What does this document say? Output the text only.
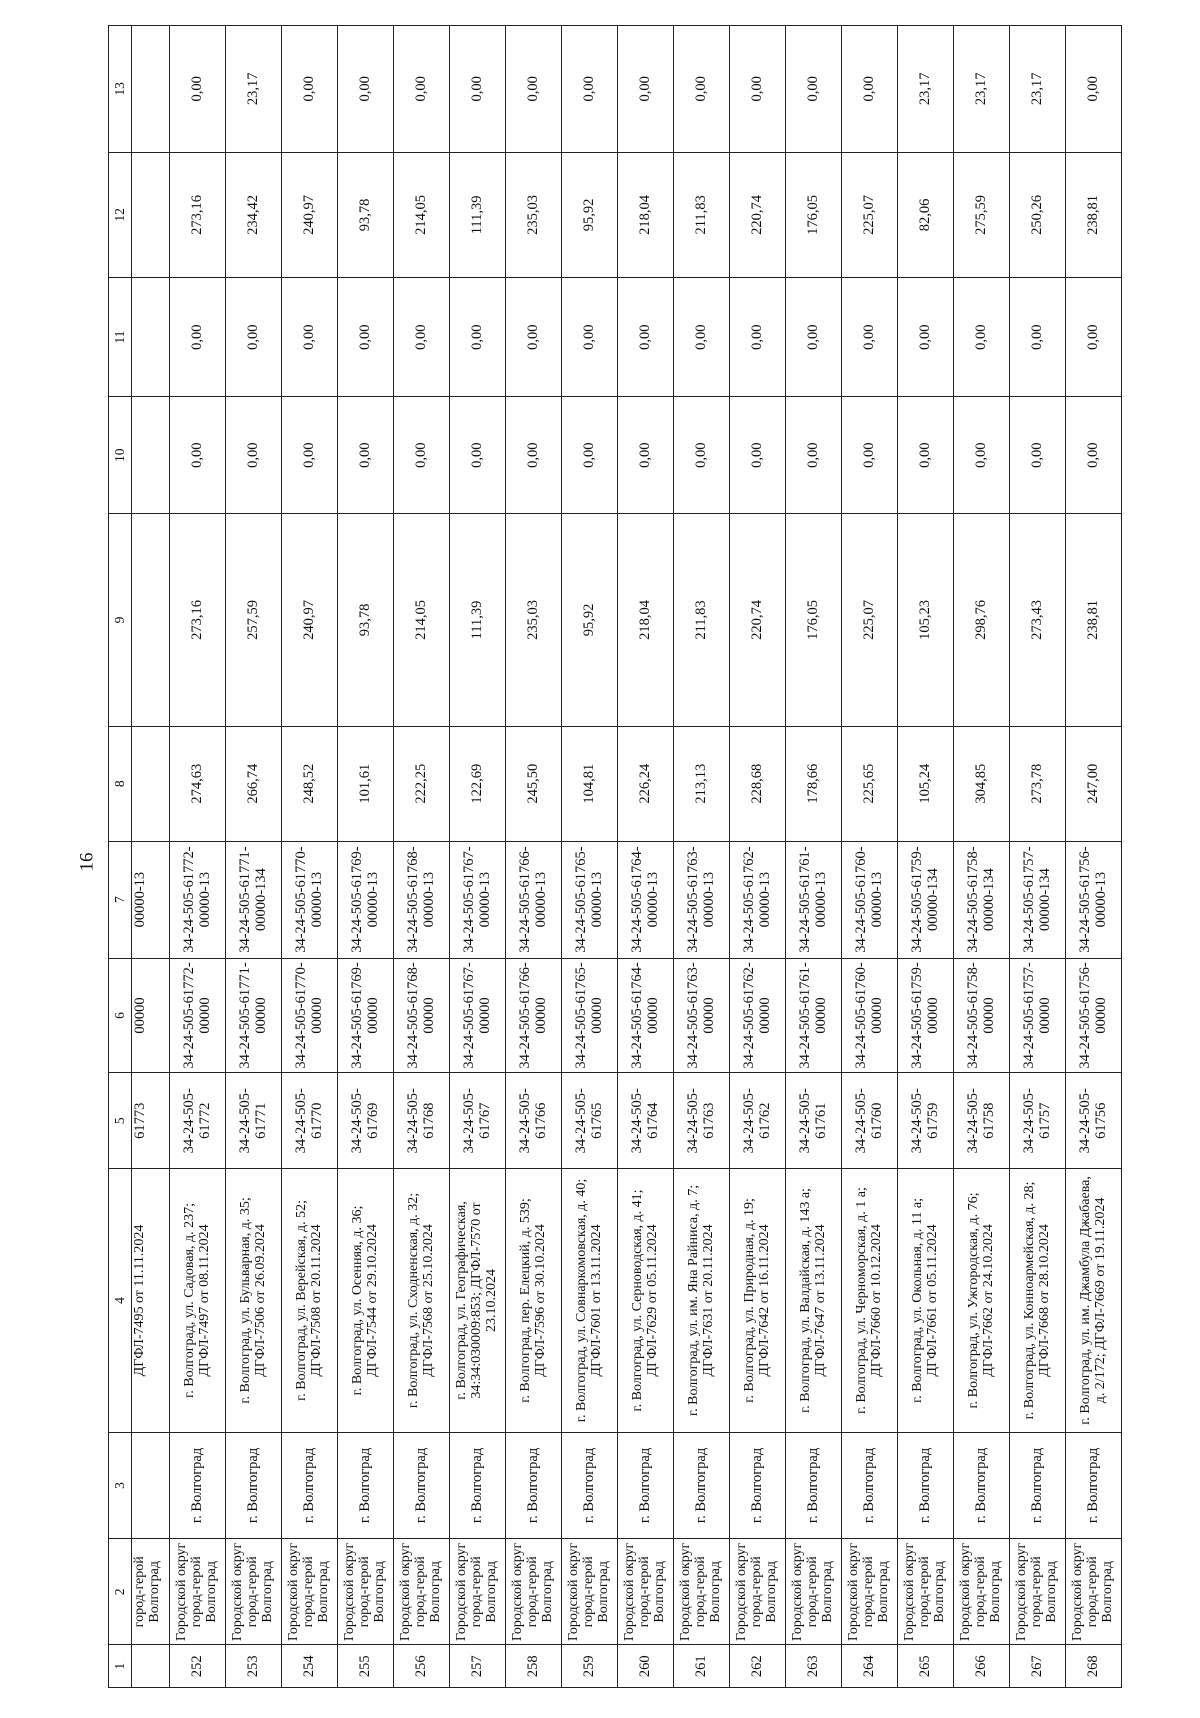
16
1	2	3	4	5	6	7	8	9	10	11	12	13
	город-герой Волгоград		ДГФЛ-7495 от 11.11.2024	61773	00000	00000-13						
252	Городской округ город-герой Волгоград	г. Волгоград	г. Волгоград, ул. Садовая, д. 237; ДГФЛ-7497 от 08.11.2024	34-24-505-61772	34-24-505-61772-00000	34-24-505-61772-00000-13	274,63	273,16	0,00	0,00	273,16	0,00
253	Городской округ город-герой Волгоград	г. Волгоград	г. Волгоград, ул. Бульварная, д. 35; ДГФЛ-7506 от 26.09.2024	34-24-505-61771	34-24-505-61771-00000	34-24-505-61771-00000-134	266,74	257,59	0,00	0,00	234,42	23,17
254	Городской округ город-герой Волгоград	г. Волгоград	г. Волгоград, ул. Верейская, д. 52; ДГФЛ-7508 от 20.11.2024	34-24-505-61770	34-24-505-61770-00000	34-24-505-61770-00000-13	248,52	240,97	0,00	0,00	240,97	0,00
255	Городской округ город-герой Волгоград	г. Волгоград	г. Волгоград, ул. Осенняя, д. 36; ДГФЛ-7544 от 29.10.2024	34-24-505-61769	34-24-505-61769-00000	34-24-505-61769-00000-13	101,61	93,78	0,00	0,00	93,78	0,00
256	Городской округ город-герой Волгоград	г. Волгоград	г. Волгоград, ул. Сходненская, д. 32; ДГФЛ-7568 от 25.10.2024	34-24-505-61768	34-24-505-61768-00000	34-24-505-61768-00000-13	222,25	214,05	0,00	0,00	214,05	0,00
257	Городской округ город-герой Волгоград	г. Волгоград	г. Волгоград, ул. Географическая, 34:34:030009:853; ДГФЛ-7570 от 23.10.2024	34-24-505-61767	34-24-505-61767-00000	34-24-505-61767-00000-13	122,69	111,39	0,00	0,00	111,39	0,00
258	Городской округ город-герой Волгоград	г. Волгоград	г. Волгоград, пер. Елецкий, д. 539; ДГФЛ-7596 от 30.10.2024	34-24-505-61766	34-24-505-61766-00000	34-24-505-61766-00000-13	245,50	235,03	0,00	0,00	235,03	0,00
259	Городской округ город-герой Волгоград	г. Волгоград	г. Волгоград, ул. Совнаркомовская, д. 40; ДГФЛ-7601 от 13.11.2024	34-24-505-61765	34-24-505-61765-00000	34-24-505-61765-00000-13	104,81	95,92	0,00	0,00	95,92	0,00
260	Городской округ город-герой Волгоград	г. Волгоград	г. Волгоград, ул. Серноводская, д. 41; ДГФЛ-7629 от 05.11.2024	34-24-505-61764	34-24-505-61764-00000	34-24-505-61764-00000-13	226,24	218,04	0,00	0,00	218,04	0,00
261	Городской округ город-герой Волгоград	г. Волгоград	г. Волгоград, ул. им. Яна Райниса, д. 7; ДГФЛ-7631 от 20.11.2024	34-24-505-61763	34-24-505-61763-00000	34-24-505-61763-00000-13	213,13	211,83	0,00	0,00	211,83	0,00
262	Городской округ город-герой Волгоград	г. Волгоград	г. Волгоград, ул. Природная, д. 19; ДГФЛ-7642 от 16.11.2024	34-24-505-61762	34-24-505-61762-00000	34-24-505-61762-00000-13	228,68	220,74	0,00	0,00	220,74	0,00
263	Городской округ город-герой Волгоград	г. Волгоград	г. Волгоград, ул. Валдайская, д. 143 а; ДГФЛ-7647 от 13.11.2024	34-24-505-61761	34-24-505-61761-00000	34-24-505-61761-00000-13	178,66	176,05	0,00	0,00	176,05	0,00
264	Городской округ город-герой Волгоград	г. Волгоград	г. Волгоград, ул. Черноморская, д. 1 а; ДГФЛ-7660 от 10.12.2024	34-24-505-61760	34-24-505-61760-00000	34-24-505-61760-00000-13	225,65	225,07	0,00	0,00	225,07	0,00
265	Городской округ город-герой Волгоград	г. Волгоград	г. Волгоград, ул. Окольная, д. 11 а; ДГФЛ-7661 от 05.11.2024	34-24-505-61759	34-24-505-61759-00000	34-24-505-61759-00000-134	105,24	105,23	0,00	0,00	82,06	23,17
266	Городской округ город-герой Волгоград	г. Волгоград	г. Волгоград, ул. Ужгородская, д. 76; ДГФЛ-7662 от 24.10.2024	34-24-505-61758	34-24-505-61758-00000	34-24-505-61758-00000-134	304,85	298,76	0,00	0,00	275,59	23,17
267	Городской округ город-герой Волгоград	г. Волгоград	г. Волгоград, ул. Конноармейская, д. 28; ДГФЛ-7668 от 28.10.2024	34-24-505-61757	34-24-505-61757-00000	34-24-505-61757-00000-134	273,78	273,43	0,00	0,00	250,26	23,17
268	Городской округ город-герой Волгоград	г. Волгоград	г. Волгоград, ул. им. Джамбула Джабаева, д. 2/172; ДГФЛ-7669 от 19.11.2024	34-24-505-61756	34-24-505-61756-00000	34-24-505-61756-00000-13	247,00	238,81	0,00	0,00	238,81	0,00
